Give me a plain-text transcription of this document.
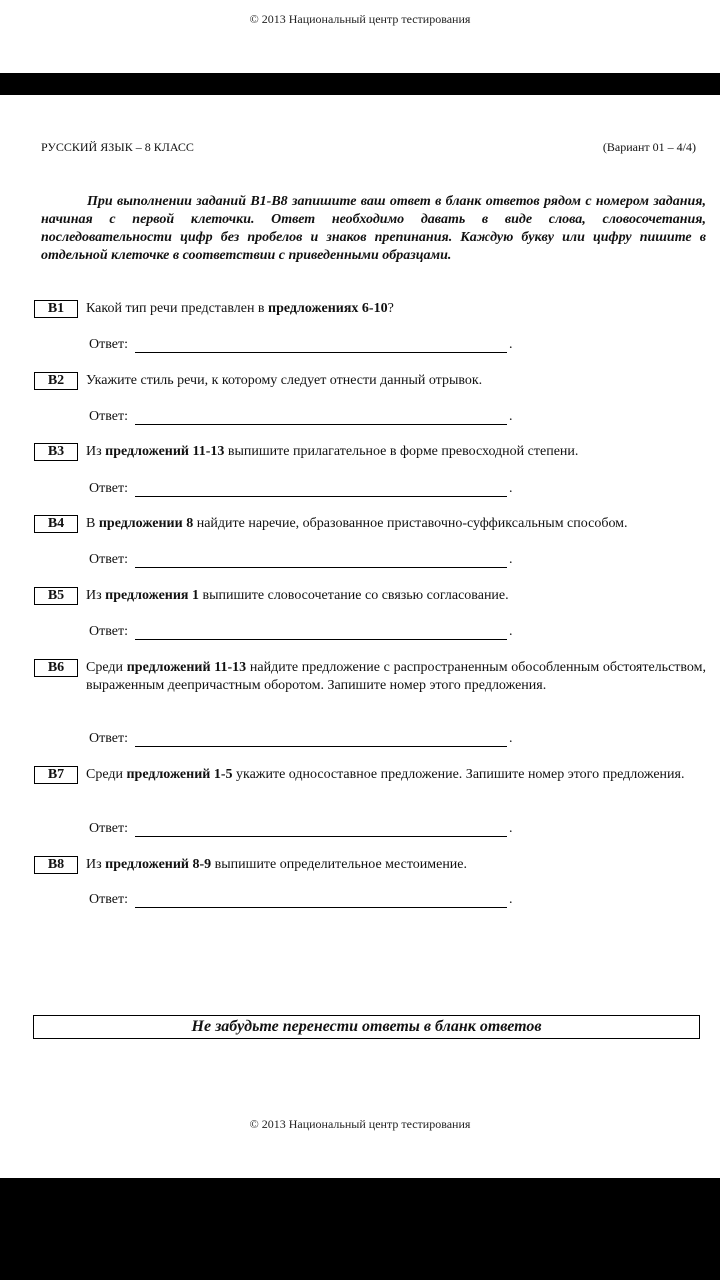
© 2013 Национальный центр тестирования
РУССКИЙ ЯЗЫК – 8 КЛАСС	(Вариант 01 – 4/4)
При выполнении заданий В1-В8 запишите ваш ответ в бланк ответов рядом с номером задания, начиная с первой клеточки. Ответ необходимо давать в виде слова, словосочетания, последовательности цифр без пробелов и знаков препинания. Каждую букву или цифру пишите в отдельной клеточке в соответствии с приведенными образцами.
B1	Какой тип речи представлен в предложениях 6-10?
Ответ:	.
B2	Укажите стиль речи, к которому следует отнести данный отрывок.
Ответ:	.
B3	Из предложений 11-13 выпишите прилагательное в форме превосходной степени.
Ответ:	.
B4	В предложении 8 найдите наречие, образованное приставочно-суффиксальным способом.
Ответ:	.
B5	Из предложения 1 выпишите словосочетание со связью согласование.
Ответ:	.
B6	Среди предложений 11-13 найдите предложение с распространенным обособленным обстоятельством, выраженным деепричастным оборотом. Запишите номер этого предложения.
Ответ:	.
B7	Среди предложений 1-5 укажите односоставное предложение. Запишите номер этого предложения.
Ответ:	.
B8	Из предложений 8-9 выпишите определительное местоимение.
Ответ:	.
Не забудьте перенести ответы в бланк ответов
© 2013 Национальный центр тестирования
